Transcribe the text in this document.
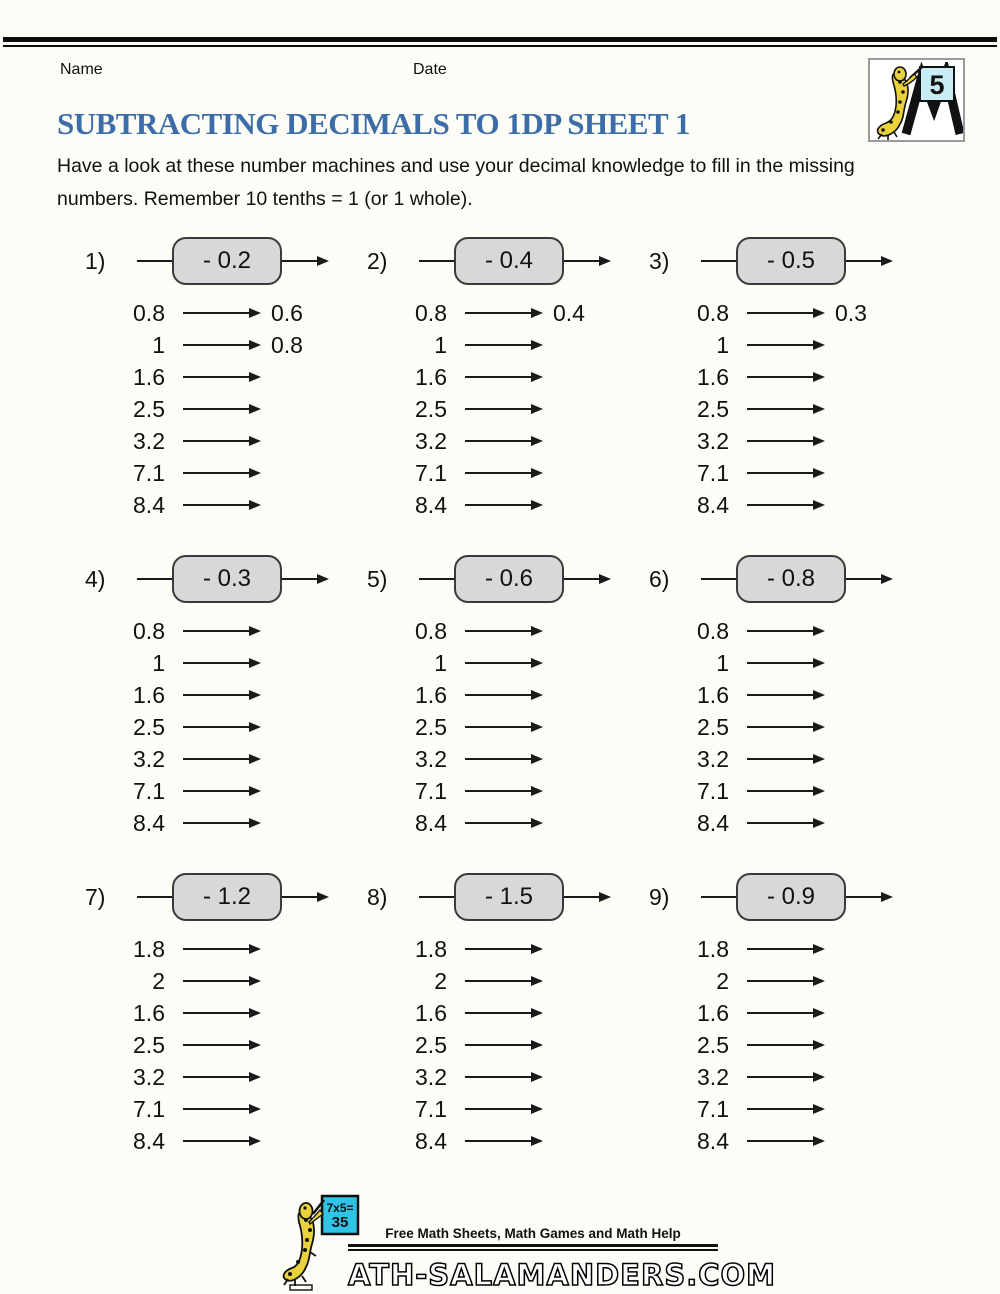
Name	Date
5
SUBTRACTING DECIMALS TO 1DP SHEET 1
Have a look at these number machines and use your decimal knowledge to fill in the missing
numbers. Remember 10 tenths = 1 (or 1 whole).
1)	- 0.2
0.8	0.6
1	0.8
1.6
2.5
3.2
7.1
8.4
2)	- 0.4
0.8	0.4
1
1.6
2.5
3.2
7.1
8.4
3)	- 0.5
0.8	0.3
1
1.6
2.5
3.2
7.1
8.4
4)	- 0.3
0.8
1
1.6
2.5
3.2
7.1
8.4
5)	- 0.6
0.8
1
1.6
2.5
3.2
7.1
8.4
6)	- 0.8
0.8
1
1.6
2.5
3.2
7.1
8.4
7)	- 1.2
1.8
2
1.6
2.5
3.2
7.1
8.4
8)	- 1.5
1.8
2
1.6
2.5
3.2
7.1
8.4
9)	- 0.9
1.8
2
1.6
2.5
3.2
7.1
8.4
7x5=
35
Free Math Sheets, Math Games and Math Help
ATH-SALAMANDERS.COM
